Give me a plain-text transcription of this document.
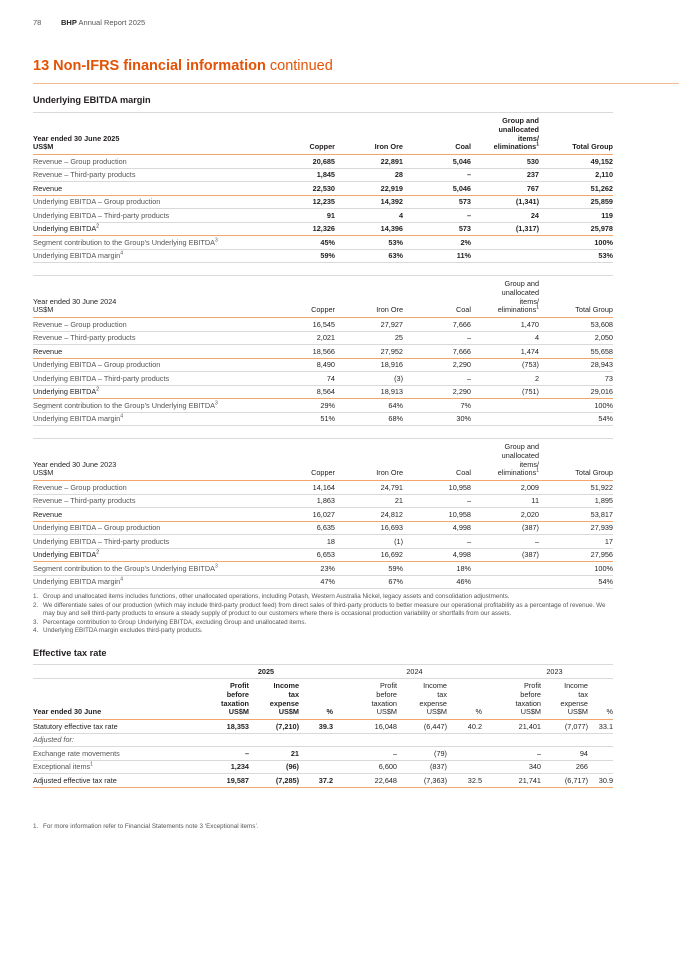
78	BHP Annual Report 2025
13 Non-IFRS financial information continued
Underlying EBITDA margin

Year ended 30 June 2025
US$M	Copper	Iron Ore	Coal	Group and
unallocated
items/
eliminations$^1$	Total Group
Revenue – Group production	20,685	22,891	5,046	530	49,152
Revenue – Third-party products	1,845	28	–	237	2,110
Revenue	22,530	22,919	5,046	767	51,262
Underlying EBITDA – Group production	12,235	14,392	573	(1,341)	25,859
Underlying EBITDA – Third-party products	91	4	–	24	119
Underlying EBITDA$^2$	12,326	14,396	573	(1,317)	25,978
Segment contribution to the Group’s Underlying EBITDA$^3$	45%	53%	2%		100%
Underlying EBITDA margin$^4$	59%	63%	11%		53%

Year ended 30 June 2024
US$M	Copper	Iron Ore	Coal	Group and
unallocated
items/
eliminations$^1$	Total Group
Revenue – Group production	16,545	27,927	7,666	1,470	53,608
Revenue – Third-party products	2,021	25	–	4	2,050
Revenue	18,566	27,952	7,666	1,474	55,658
Underlying EBITDA – Group production	8,490	18,916	2,290	(753)	28,943
Underlying EBITDA – Third-party products	74	(3)	–	2	73
Underlying EBITDA$^2$	8,564	18,913	2,290	(751)	29,016
Segment contribution to the Group’s Underlying EBITDA$^3$	29%	64%	7%		100%
Underlying EBITDA margin$^4$	51%	68%	30%		54%

Year ended 30 June 2023
US$M	Copper	Iron Ore	Coal	Group and
unallocated
items/
eliminations$^1$	Total Group
Revenue – Group production	14,164	24,791	10,958	2,009	51,922
Revenue – Third-party products	1,863	21	–	11	1,895
Revenue	16,027	24,812	10,958	2,020	53,817
Underlying EBITDA – Group production	6,635	16,693	4,998	(387)	27,939
Underlying EBITDA – Third-party products	18	(1)	–	–	17
Underlying EBITDA$^2$	6,653	16,692	4,998	(387)	27,956
Segment contribution to the Group’s Underlying EBITDA$^3$	23%	59%	18%		100%
Underlying EBITDA margin$^4$	47%	67%	46%		54%
1. Group and unallocated items includes functions, other unallocated operations, including Potash, Western Australia Nickel, legacy assets and consolidation adjustments.
2. We differentiate sales of our production (which may include third-party product feed) from direct sales of third-party products to better measure our operational profitability as a percentage of revenue. We may buy and sell third-party products to ensure a steady supply of product to our customers where there is occasional production variability or shortfalls from our assets.
3. Percentage contribution to Group Underlying EBITDA, excluding Group and unallocated items.
4. Underlying EBITDA margin excludes third-party products.
Effective tax rate
	2025				2024				2023		
Year ended 30 June	Profit
before
taxation
US$M	Income
tax
expense
US$M	%		Profit
before
taxation
US$M	Income
tax
expense
US$M	%		Profit
before
taxation
US$M	Income
tax
expense
US$M	%
Statutory effective tax rate	18,353	(7,210)	39.3		16,048	(6,447)	40.2		21,401	(7,077)	33.1
Adjusted for:											
Exchange rate movements	–	21			–	(79)			–	94	
Exceptional items$^1$	1,234	(96)			6,600	(837)			340	266	
Adjusted effective tax rate	19,587	(7,285)	37.2		22,648	(7,363)	32.5		21,741	(6,717)	30.9
1. For more information refer to Financial Statements note 3 ‘Exceptional items’.
